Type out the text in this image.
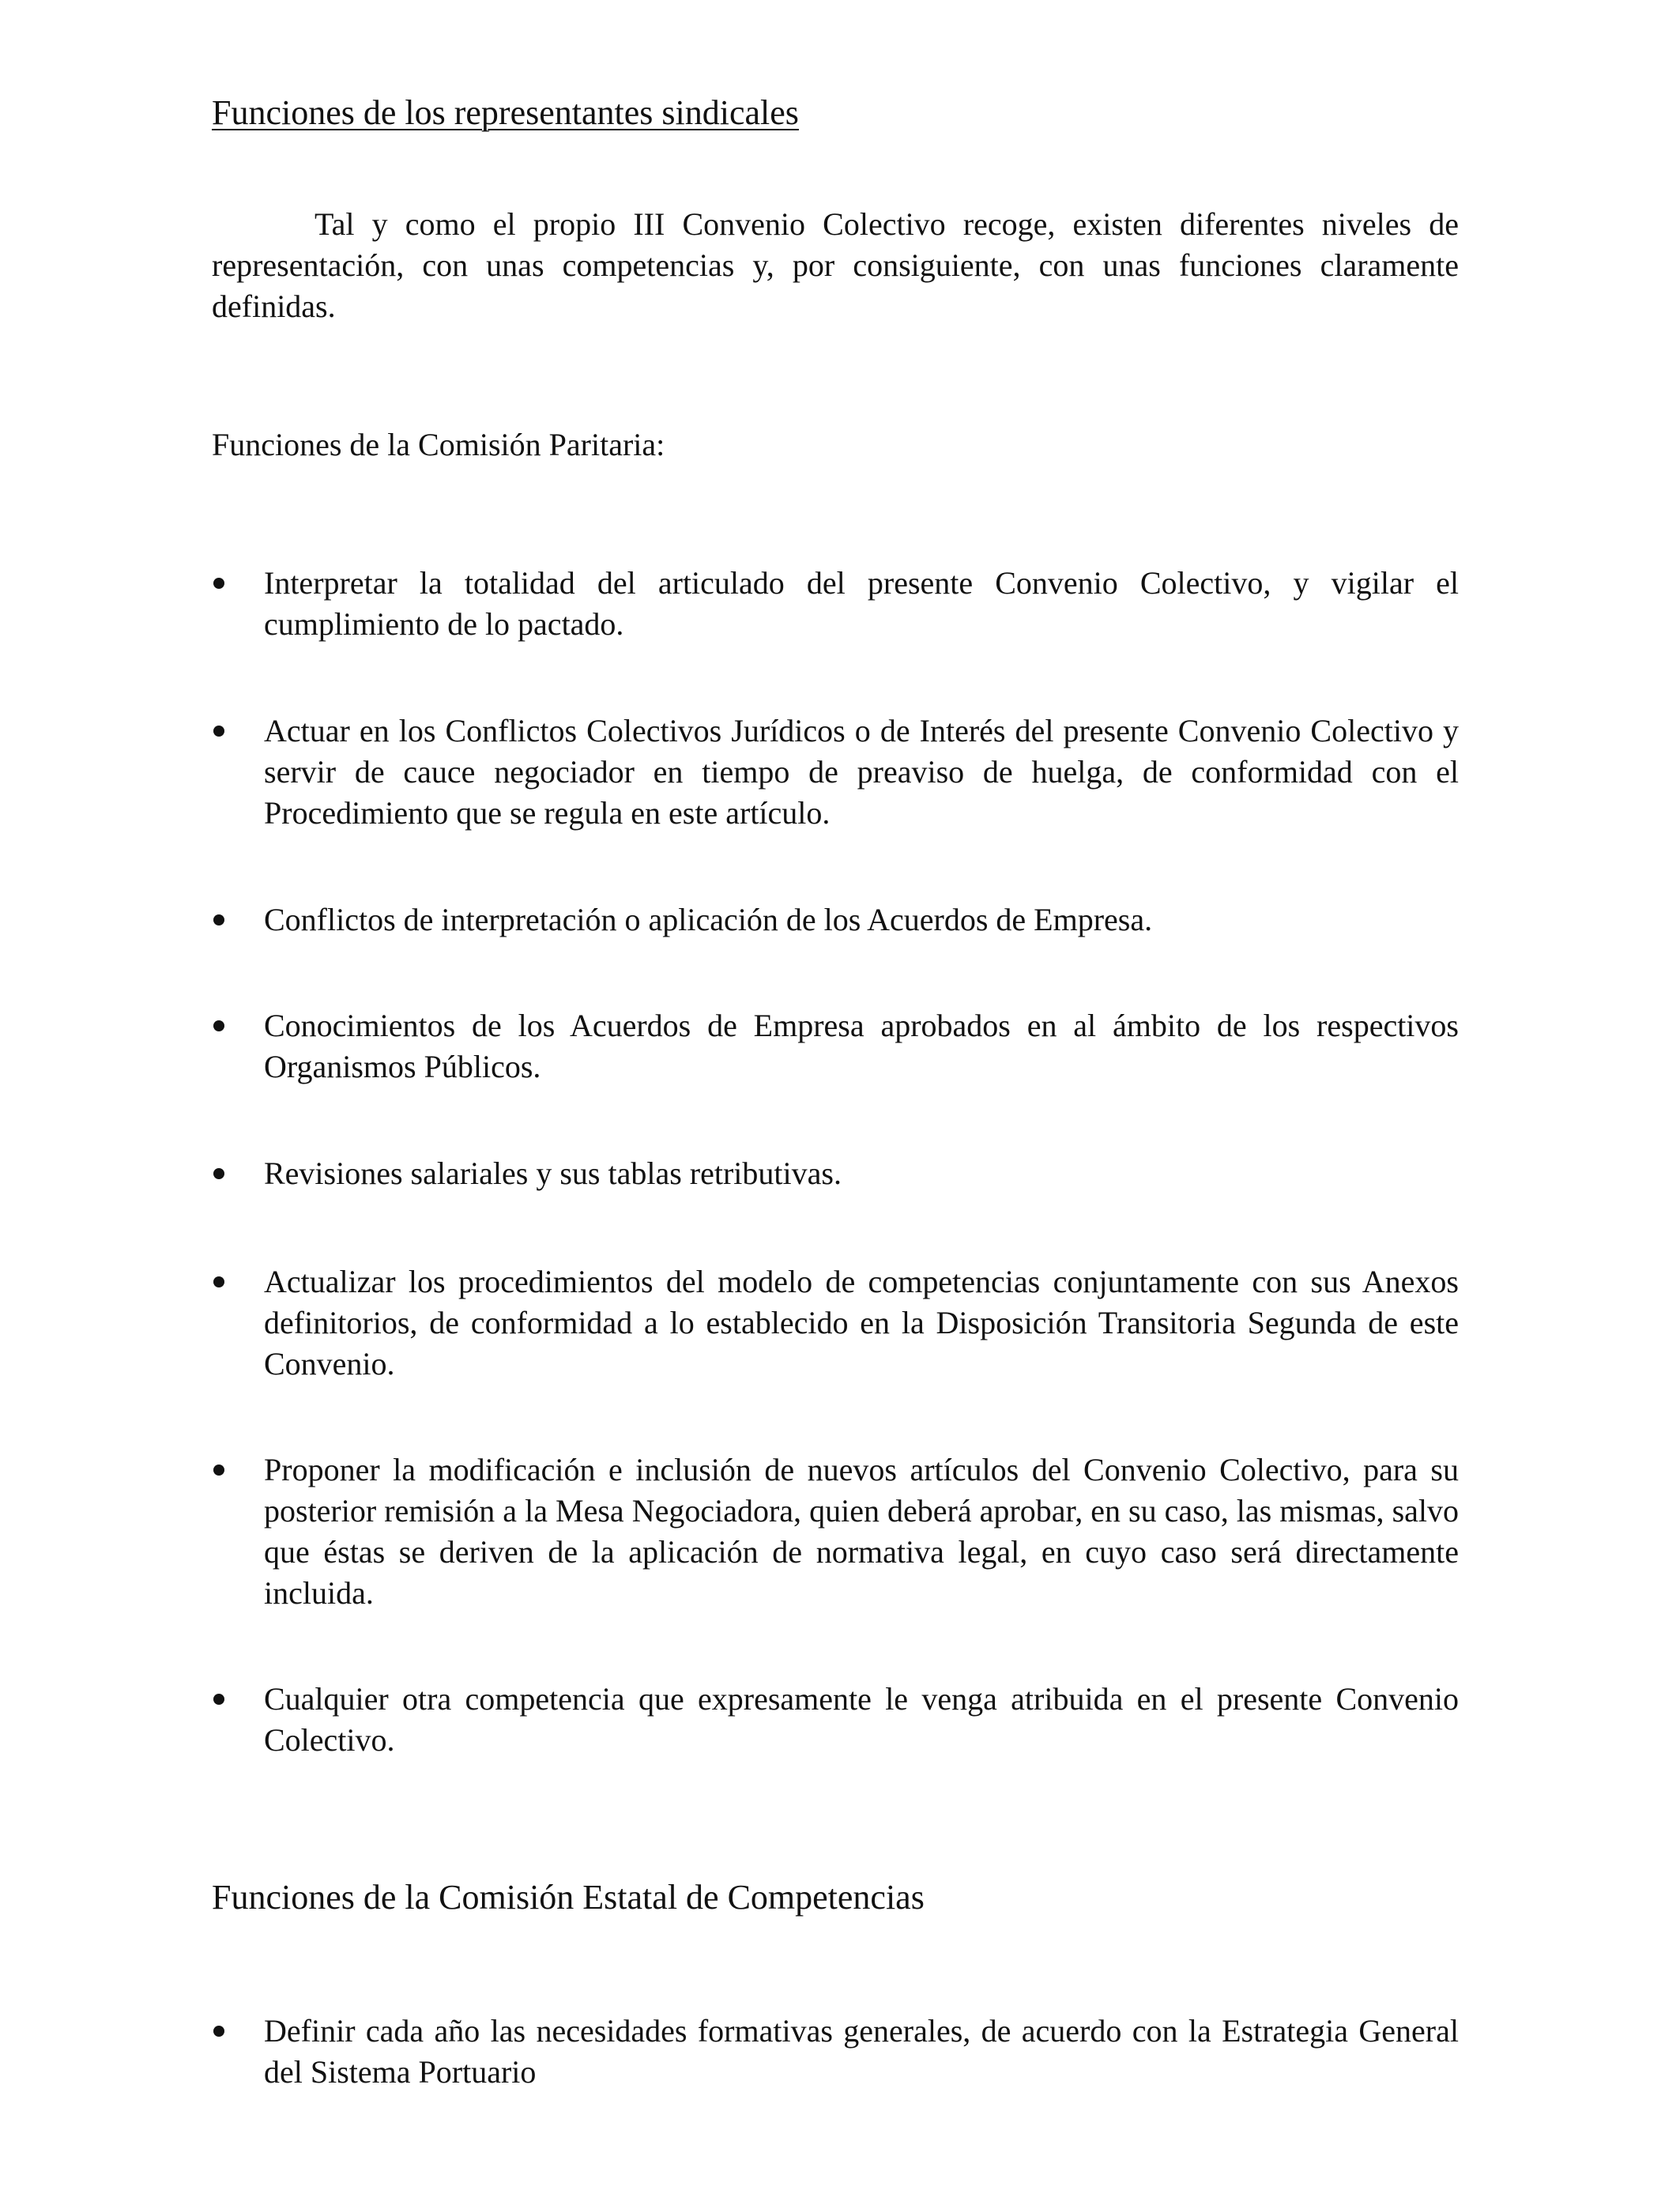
Funciones de los representantes sindicales

Tal y como el propio III Convenio Colectivo recoge, existen diferentes niveles de representación, con unas competencias y, por consiguiente, con unas funciones claramente definidas.

Funciones de la Comisión Paritaria:

Interpretar la totalidad del articulado del presente Convenio Colectivo, y vigilar el cumplimiento de lo pactado.
Actuar en los Conflictos Colectivos Jurídicos o de Interés del presente Convenio Colectivo y servir de cauce negociador en tiempo de preaviso de huelga, de conformidad con el Procedimiento que se regula en este artículo.
Conflictos de interpretación o aplicación de los Acuerdos de Empresa.
Conocimientos de los Acuerdos de Empresa aprobados en al ámbito de los respectivos Organismos Públicos.
Revisiones salariales y sus tablas retributivas.
Actualizar los procedimientos del modelo de competencias conjuntamente con sus Anexos definitorios, de conformidad a lo establecido en la Disposición Transitoria Segunda de este Convenio.
Proponer la modificación e inclusión de nuevos artículos del Convenio Colectivo, para su posterior remisión a la Mesa Negociadora, quien deberá aprobar, en su caso, las mismas, salvo que éstas se deriven de la aplicación de normativa legal, en cuyo caso será directamente incluida.
Cualquier otra competencia que expresamente le venga atribuida en el presente Convenio Colectivo.

Funciones de la Comisión Estatal de Competencias

Definir cada año las necesidades formativas generales, de acuerdo con la Estrategia General del Sistema Portuario
